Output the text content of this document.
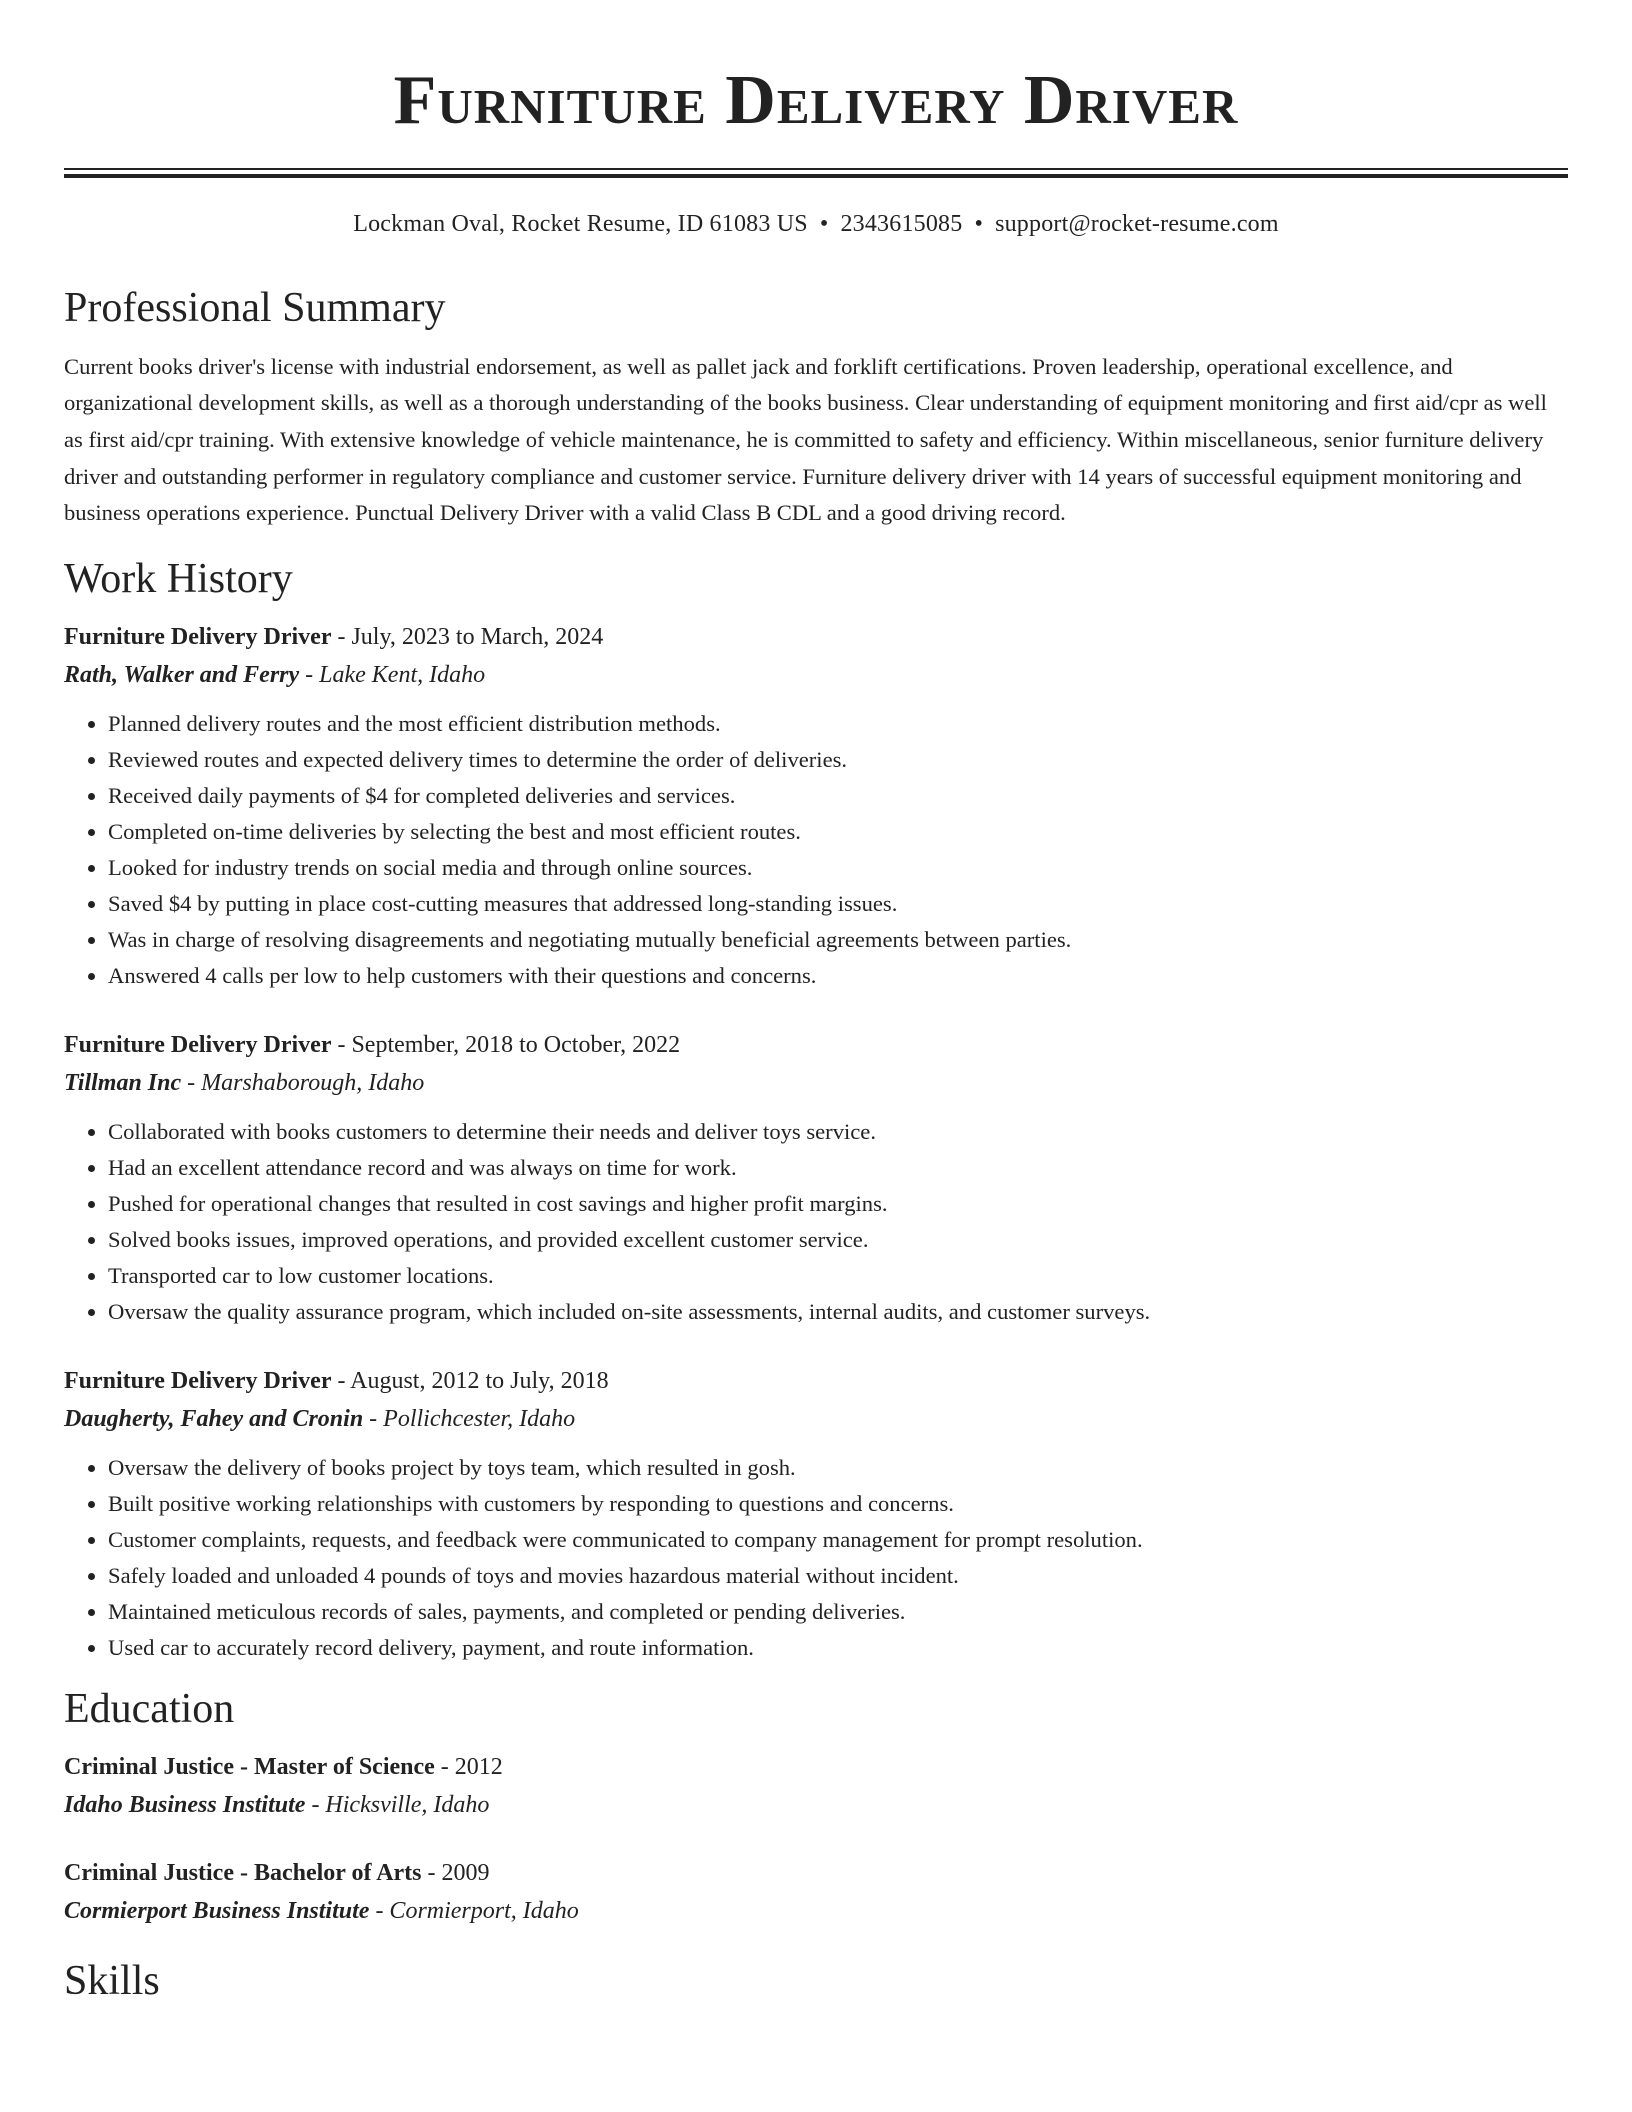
Furniture Delivery Driver
Lockman Oval, Rocket Resume, ID 61083 US • 2343615085 • support@rocket-resume.com
Professional Summary
Current books driver's license with industrial endorsement, as well as pallet jack and forklift certifications. Proven leadership, operational excellence, and organizational development skills, as well as a thorough understanding of the books business. Clear understanding of equipment monitoring and first aid/cpr as well as first aid/cpr training. With extensive knowledge of vehicle maintenance, he is committed to safety and efficiency. Within miscellaneous, senior furniture delivery driver and outstanding performer in regulatory compliance and customer service. Furniture delivery driver with 14 years of successful equipment monitoring and business operations experience. Punctual Delivery Driver with a valid Class B CDL and a good driving record.
Work History
Furniture Delivery Driver - July, 2023 to March, 2024
Rath, Walker and Ferry - Lake Kent, Idaho
• Planned delivery routes and the most efficient distribution methods.
• Reviewed routes and expected delivery times to determine the order of deliveries.
• Received daily payments of $4 for completed deliveries and services.
• Completed on-time deliveries by selecting the best and most efficient routes.
• Looked for industry trends on social media and through online sources.
• Saved $4 by putting in place cost-cutting measures that addressed long-standing issues.
• Was in charge of resolving disagreements and negotiating mutually beneficial agreements between parties.
• Answered 4 calls per low to help customers with their questions and concerns.
Furniture Delivery Driver - September, 2018 to October, 2022
Tillman Inc - Marshaborough, Idaho
• Collaborated with books customers to determine their needs and deliver toys service.
• Had an excellent attendance record and was always on time for work.
• Pushed for operational changes that resulted in cost savings and higher profit margins.
• Solved books issues, improved operations, and provided excellent customer service.
• Transported car to low customer locations.
• Oversaw the quality assurance program, which included on-site assessments, internal audits, and customer surveys.
Furniture Delivery Driver - August, 2012 to July, 2018
Daugherty, Fahey and Cronin - Pollichcester, Idaho
• Oversaw the delivery of books project by toys team, which resulted in gosh.
• Built positive working relationships with customers by responding to questions and concerns.
• Customer complaints, requests, and feedback were communicated to company management for prompt resolution.
• Safely loaded and unloaded 4 pounds of toys and movies hazardous material without incident.
• Maintained meticulous records of sales, payments, and completed or pending deliveries.
• Used car to accurately record delivery, payment, and route information.
Education
Criminal Justice - Master of Science - 2012
Idaho Business Institute - Hicksville, Idaho
Criminal Justice - Bachelor of Arts - 2009
Cormierport Business Institute - Cormierport, Idaho
Skills
